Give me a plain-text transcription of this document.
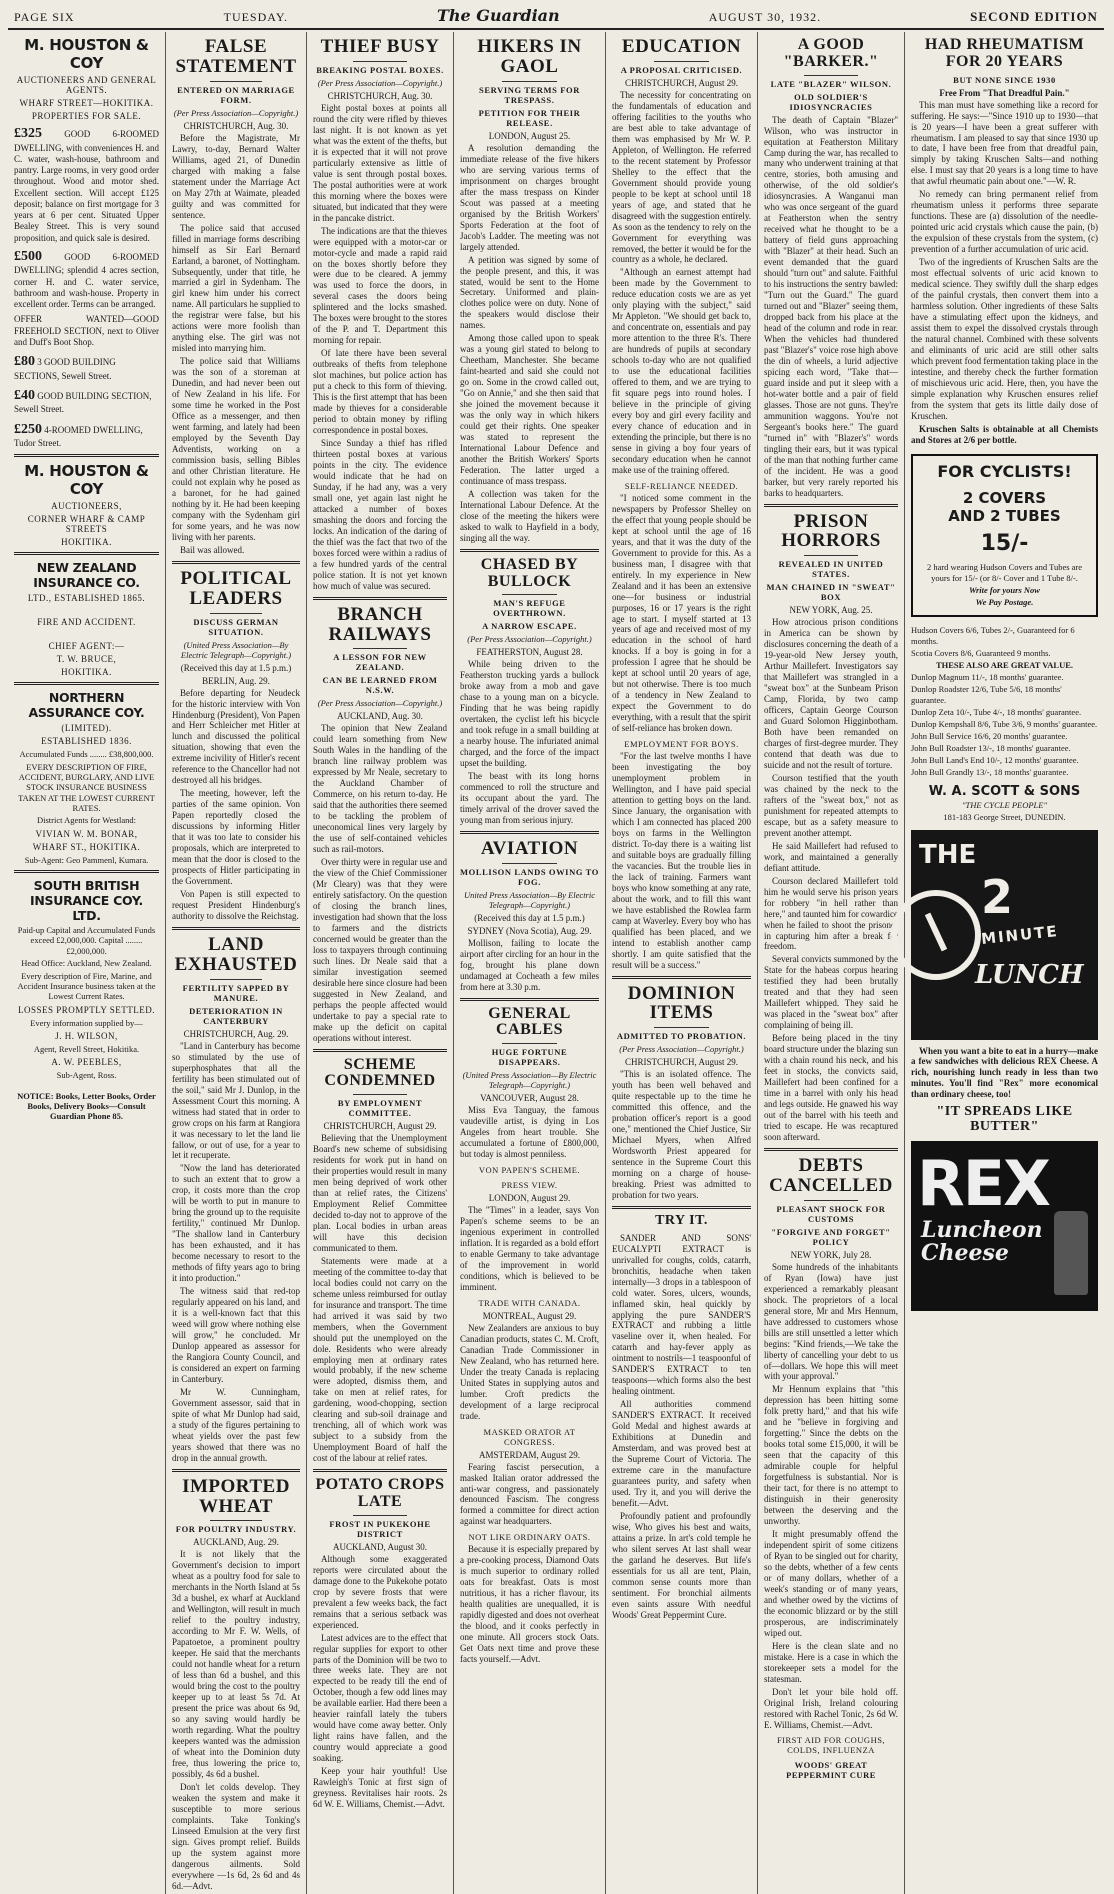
PAGE SIX	TUESDAY.	The Guardian	AUGUST 30, 1932.	SECOND EDITION
M. HOUSTON & COY
AUCTIONEERS AND GENERAL AGENTS.
WHARF STREET—HOKITIKA.
PROPERTIES FOR SALE.
£325 GOOD 6-ROOMED DWELLING, with conveniences H. and C. water, wash-house, bathroom and pantry. Large rooms, in very good order throughout. Wood and motor shed. Excellent section. Will accept £125 deposit; balance on first mortgage for 3 years at 6 per cent. Situated Upper Bealey Street. This is very sound proposition, and quick sale is desired.
£500 GOOD 6-ROOMED DWELLING; splendid 4 acres section, corner H. and C. water service, bathroom and wash-house. Property in excellent order. Terms can be arranged.
OFFER WANTED—GOOD FREEHOLD SECTION, next to Oliver and Duff's Boot Shop.
£80 3 GOOD BUILDING SECTIONS, Sewell Street.
£40 GOOD BUILDING SECTION, Sewell Street.
£250 4-ROOMED DWELLING, Tudor Street.
M. HOUSTON & COY
AUCTIONEERS,
CORNER WHARF & CAMP STREETS
HOKITIKA.
NEW ZEALAND INSURANCE CO.
LTD., ESTABLISHED 1865.
FIRE AND ACCIDENT.
CHIEF AGENT:—
T. W. BRUCE,
HOKITIKA.
NORTHERN ASSURANCE COY.
(LIMITED).
ESTABLISHED 1836.
Accumulated Funds ........ £38,800,000.
EVERY DESCRIPTION OF FIRE, ACCIDENT, BURGLARY, AND LIVE STOCK INSURANCE BUSINESS TAKEN AT THE LOWEST CURRENT RATES.
District Agents for Westland:
VIVIAN W. M. BONAR,
WHARF ST., HOKITIKA.
Sub-Agent: Geo Pammenl, Kumara.
SOUTH BRITISH INSURANCE COY. LTD.
Paid-up Capital and Accumulated Funds exceed £2,000,000. Capital ........ £2,000,000.
Head Office: Auckland, New Zealand.
Every description of Fire, Marine, and Accident Insurance business taken at the Lowest Current Rates.
LOSSES PROMPTLY SETTLED.
Every information supplied by—
J. H. WILSON,
Agent, Revell Street, Hokitika.
A. W. PEEBLES,
Sub-Agent, Ross.
NOTICE: Books, Letter Books, Order Books, Delivery Books—Consult Guardian Phone 85.
FALSE STATEMENT
ENTERED ON MARRIAGE FORM.
(Per Press Association—Copyright.)
CHRISTCHURCH, Aug. 30.

Before the Magistrate, Mr Lawry, to-day, Bernard Walter Williams, aged 21, of Dunedin charged with making a false statement under the Marriage Act on May 27th at Waimate, pleaded guilty and was committed for sentence.

The police said that accused filled in marriage forms describing himself as Sir Earl Bernard Earland, a baronet, of Nottingham. Subsequently, under that title, he married a girl in Sydenham. The girl knew him under his correct name. All particulars he supplied to the registrar were false, but his actions were more foolish than anything else. The girl was not misled into marrying him.

The police said that Williams was the son of a storeman at Dunedin, and had never been out of New Zealand in his life. For some time he worked in the Post Office as a messenger, and then went farming, and lately had been employed by the Seventh Day Adventists, working on a commission basis, selling Bibles and other Christian literature. He could not explain why he posed as a baronet, for he had gained nothing by it. He had been keeping company with the Sydenham girl for some years, and he was now living with her parents.

Bail was allowed.

POLITICAL LEADERS
DISCUSS GERMAN SITUATION.
(United Press Association—By Electric Telegraph—Copyright.)
(Received this day at 1.5 p.m.)
BERLIN, Aug. 29.

Before departing for Neudeck for the historic interview with Von Hindenburg (President), Von Papen and Herr Schleicher met Hitler at lunch and discussed the political situation, showing that even the extreme incivility of Hitler's recent reference to the Chancellor had not destroyed all his bridges.

The meeting, however, left the parties of the same opinion. Von Papen reportedly closed the discussions by informing Hitler that it was too late to consider his proposals, which are interpreted to mean that the door is closed to the prospects of Hitler participating in the Government.

Von Papen is still expected to request President Hindenburg's authority to dissolve the Reichstag.

LAND EXHAUSTED
FERTILITY SAPPED BY MANURE.
DETERIORATION IN CANTERBURY
CHRISTCHURCH, Aug. 29.

"Land in Canterbury has become so stimulated by the use of superphosphates that all the fertility has been stimulated out of the soil," said Mr J. Dunlop, in the Assessment Court this morning. A witness had stated that in order to grow crops on his farm at Rangiora it was necessary to let the land lie fallow, or out of use, for a year to let it recuperate.

"Now the land has deteriorated to such an extent that to grow a crop, it costs more than the crop will be worth to put in manure to bring the ground up to the requisite fertility," continued Mr Dunlop. "The shallow land in Canterbury has been exhausted, and it has become necessary to resort to the methods of fifty years ago to bring it into production."

The witness said that red-top regularly appeared on his land, and it is a well-known fact that this weed will grow where nothing else will grow," he concluded. Mr Dunlop appeared as assessor for the Rangiora County Council, and is considered an expert on farming in Canterbury.

Mr W. Cunningham, Government assessor, said that in spite of what Mr Dunlop had said, a study of the figures pertaining to wheat yields over the past few years showed that there was no drop in the annual growth.

IMPORTED WHEAT
FOR POULTRY INDUSTRY.
AUCKLAND, Aug. 29.

It is not likely that the Government's decision to import wheat as a poultry food for sale to merchants in the North Island at 5s 3d a bushel, ex wharf at Auckland and Wellington, will result in much relief to the poultry industry, according to Mr F. W. Wells, of Papatoetoe, a prominent poultry keeper. He said that the merchants could not handle wheat for a return of less than 6d a bushel, and this would bring the cost to the poultry keeper up to at least 5s 7d. At present the price was about 6s 9d, so any saving would hardly be worth regarding. What the poultry keepers wanted was the admission of wheat into the Dominion duty free, thus lowering the price to, possibly, 4s 6d a bushel.

Don't let colds develop. They weaken the system and make it susceptible to more serious complaints. Take Tonking's Linseed Emulsion at the very first sign. Gives prompt relief. Builds up the system against more dangerous ailments. Sold everywhere —1s 6d, 2s 6d and 4s 6d.—Advt.

THIEF BUSY
BREAKING POSTAL BOXES.
(Per Press Association—Copyright.)
CHRISTCHURCH, Aug. 30.

Eight postal boxes at points all round the city were rifled by thieves last night. It is not known as yet what was the extent of the thefts, but it is expected that it will not prove particularly extensive as little of value is sent through postal boxes. The postal authorities were at work this morning where the boxes were situated, but indicated that they were in the pancake district.

The indications are that the thieves were equipped with a motor-car or motor-cycle and made a rapid raid on the boxes shortly before they were due to be cleared. A jemmy was used to force the doors, in several cases the doors being splintered and the locks smashed. The boxes were brought to the stores of the P. and T. Department this morning for repair.

Of late there have been several outbreaks of thefts from telephone slot machines, but police action has put a check to this form of thieving. This is the first attempt that has been made by thieves for a considerable period to obtain money by rifling correspondence in postal boxes.

Since Sunday a thief has rifled thirteen postal boxes at various points in the city. The evidence would indicate that he had on Sunday, if he had any, was a very small one, yet again last night he attacked a number of boxes smashing the doors and forcing the locks. An indication of the daring of the thief was the fact that two of the boxes forced were within a radius of a few hundred yards of the central police station. It is not yet known how much of value was secured.

BRANCH RAILWAYS
A LESSON FOR NEW ZEALAND.
CAN BE LEARNED FROM N.S.W.
(Per Press Association—Copyright.)
AUCKLAND, Aug. 30.

The opinion that New Zealand could learn something from New South Wales in the handling of the branch line railway problem was expressed by Mr Neale, secretary to the Auckland Chamber of Commerce, on his return to-day. He said that the authorities there seemed to be tackling the problem of uneconomical lines very largely by the use of self-contained vehicles such as rail-motors.

Over thirty were in regular use and the view of the Chief Commissioner (Mr Cleary) was that they were entirely satisfactory. On the question of closing the branch lines, investigation had shown that the loss to farmers and the districts concerned would be greater than the loss to taxpayers through continuing such lines. Dr Neale said that a similar investigation seemed desirable here since closure had been suggested in New Zealand, and perhaps the people affected would undertake to pay a special rate to make up the deficit on capital operations without interest.

SCHEME CONDEMNED
BY EMPLOYMENT COMMITTEE.
CHRISTCHURCH, August 29.

Believing that the Unemployment Board's new scheme of subsidising residents for work put in hand on their properties would result in many men being deprived of work other than at relief rates, the Citizens' Employment Relief Committee decided to-day not to approve of the plan. Local bodies in urban areas will have this decision communicated to them.

Statements were made at a meeting of the committee to-day that local bodies could not carry on the scheme unless reimbursed for outlay for insurance and transport. The time had arrived it was said by two members, when the Government should put the unemployed on the dole. Residents who were already employing men at ordinary rates would probably, if the new scheme were adopted, dismiss them, and take on men at relief rates, for gardening, wood-chopping, section clearing and sub-soil drainage and trenching, all of which work was subject to a subsidy from the Unemployment Board of half the cost of the labour at relief rates.

POTATO CROPS LATE
FROST IN PUKEKOHE DISTRICT
AUCKLAND, August 30.

Although some exaggerated reports were circulated about the damage done to the Pukekohe potato crop by severe frosts that were prevalent a few weeks back, the fact remains that a serious setback was experienced.

Latest advices are to the effect that regular supplies for export to other parts of the Dominion will be two to three weeks late. They are not expected to be ready till the end of October, though a few odd lines may be available earlier. Had there been a heavier rainfall lately the tubers would have come away better. Only light rains have fallen, and the country would appreciate a good soaking.

Keep your hair youthful! Use Rawleigh's Tonic at first sign of greyness. Revitalises hair roots. 2s 6d W. E. Williams, Chemist.—Advt.

HIKERS IN GAOL
SERVING TERMS FOR TRESPASS.
PETITION FOR THEIR RELEASE.
LONDON, August 25.

A resolution demanding the immediate release of the five hikers who are serving various terms of imprisonment on charges brought after the mass trespass on Kinder Scout was passed at a meeting organised by the British Workers' Sports Federation at the foot of Jacob's Ladder. The meeting was not largely attended.

A petition was signed by some of the people present, and this, it was stated, would be sent to the Home Secretary. Uniformed and plain-clothes police were on duty. None of the speakers would disclose their names.

Among those called upon to speak was a young girl stated to belong to Cheetham, Manchester. She became faint-hearted and said she could not go on. Some in the crowd called out, "Go on Annie," and she then said that she joined the movement because it was the only way in which hikers could get their rights. One speaker was stated to represent the International Labour Defence and another the British Workers' Sports Federation. The latter urged a continuance of mass trespass.

A collection was taken for the International Labour Defence. At the close of the meeting the hikers were asked to walk to Hayfield in a body, singing all the way.

CHASED BY BULLOCK
MAN'S REFUGE OVERTHROWN.
A NARROW ESCAPE.
(Per Press Association—Copyright.)
FEATHERSTON, August 28.

While being driven to the Featherston trucking yards a bullock broke away from a mob and gave chase to a young man on a bicycle. Finding that he was being rapidly overtaken, the cyclist left his bicycle and took refuge in a small building at a nearby house. The infuriated animal charged, and the force of the impact upset the building.

The beast with its long horns commenced to roll the structure and its occupant about the yard. The timely arrival of the drover saved the young man from serious injury.

AVIATION
MOLLISON LANDS OWING TO FOG.
United Press Association—By Electric Telegraph—Copyright.)
(Received this day at 1.5 p.m.)
SYDNEY (Nova Scotia), Aug. 29.

Mollison, failing to locate the airport after circling for an hour in the fog, brought his plane down undamaged at Cocheath a few miles from here at 3.30 p.m.

GENERAL CABLES
HUGE FORTUNE DISAPPEARS.
(United Press Association—By Electric Telegraph—Copyright.)
VANCOUVER, August 28.

Miss Eva Tanguay, the famous vaudeville artist, is dying in Los Angeles from heart trouble. She accumulated a fortune of £800,000, but today is almost penniless.

VON PAPEN'S SCHEME.
PRESS VIEW.
LONDON, August 29.

The "Times" in a leader, says Von Papen's scheme seems to be an ingenious experiment in controlled inflation. It is regarded as a bold effort to enable Germany to take advantage of the improvement in world conditions, which is believed to be imminent.

TRADE WITH CANADA.
MONTREAL, August 29.

New Zealanders are anxious to buy Canadian products, states C. M. Croft, Canadian Trade Commissioner in New Zealand, who has returned here. Under the treaty Canada is replacing United States in supplying autos and lumber. Croft predicts the development of a large reciprocal trade.

MASKED ORATOR AT CONGRESS.
AMSTERDAM, August 29.

Fearing fascist persecution, a masked Italian orator addressed the anti-war congress, and passionately denounced Fascism. The congress formed a committee for direct action against war headquarters.

NOT LIKE ORDINARY OATS.

Because it is especially prepared by a pre-cooking process, Diamond Oats is much superior to ordinary rolled oats for breakfast. Oats is most nutritious, it has a richer flavour, its health qualities are unequalled, it is rapidly digested and does not overheat the blood, and it cooks perfectly in one minute. All grocers stock Oats. Get Oats next time and prove these facts yourself.—Advt.

EDUCATION
A PROPOSAL CRITICISED.
CHRISTCHURCH, August 29.

The necessity for concentrating on the fundamentals of education and offering facilities to the youths who are best able to take advantage of them was emphasised by Mr W. P. Appleton, of Wellington. He referred to the recent statement by Professor Shelley to the effect that the Government should provide young people to be kept at school until 18 years of age, and stated that he disagreed with the suggestion entirely. As soon as the tendency to rely on the Government for everything was removed, the better it would be for the country as a whole, he declared.

"Although an earnest attempt had been made by the Government to reduce education costs we are as yet only playing with the subject," said Mr Appleton. "We should get back to, and concentrate on, essentials and pay more attention to the three R's. There are hundreds of pupils at secondary schools to-day who are not qualified to use the educational facilities offered to them, and we are trying to fit square pegs into round holes. I believe in the principle of giving every boy and girl every facility and every chance of education and in extending the principle, but there is no sense in giving a boy four years of secondary education when he cannot make use of the training offered.

SELF-RELIANCE NEEDED.

"I noticed some comment in the newspapers by Professor Shelley on the effect that young people should be kept at school until the age of 16 years, and that it was the duty of the Government to provide for this. As a business man, I disagree with that entirely. In my experience in New Zealand and it has been an extensive one—for business or industrial purposes, 16 or 17 years is the right age to start. I myself started at 13 years of age and received most of my education in the school of hard knocks. If a boy is going in for a profession I agree that he should be kept at school until 20 years of age, but not otherwise. There is too much of a tendency in New Zealand to expect the Government to do everything, with a result that the spirit of self-reliance has broken down.

EMPLOYMENT FOR BOYS.

"For the last twelve months I have been investigating the boy unemployment problem in Wellington, and I have paid special attention to getting boys on the land. Since January, the organisation with which I am connected has placed 200 boys on farms in the Wellington district. To-day there is a waiting list and suitable boys are gradually filling the vacancies. But the trouble lies in the lack of training. Farmers want boys who know something at any rate, about the work, and to fill this want we have established the Rowlea farm camp at Waverley. Every boy who has qualified has been placed, and we intend to establish another camp shortly. I am quite satisfied that the result will be a success."

DOMINION ITEMS
ADMITTED TO PROBATION.
(Per Press Association—Copyright.)
CHRISTCHURCH, August 29.

"This is an isolated offence. The youth has been well behaved and quite respectable up to the time he committed this offence, and the probation officer's report is a good one," mentioned the Chief Justice, Sir Michael Myers, when Alfred Wordsworth Priest appeared for sentence in the Supreme Court this morning on a charge of house-breaking. Priest was admitted to probation for two years.

TRY IT.

SANDER AND SONS' EUCALYPTI EXTRACT is unrivalled for coughs, colds, catarrh, bronchitis, headache when taken internally—3 drops in a tablespoon of cold water. Sores, ulcers, wounds, inflamed skin, heal quickly by applying the pure SANDER'S EXTRACT and rubbing a little vaseline over it, when healed. For catarrh and hay-fever apply as ointment to nostrils—1 teaspoonful of SANDER'S EXTRACT to ten teaspoons—which forms also the best healing ointment.

All authorities commend SANDER'S EXTRACT. It received Gold Medal and highest awards at Exhibitions at Dunedin and Amsterdam, and was proved best at the Supreme Court of Victoria. The extreme care in the manufacture guarantees purity, and safety when used. Try it, and you will derive the benefit.—Advt.

Profoundly patient and profoundly wise, Who gives his best and waits, attains a prize. In art's cold temple he who silent serves At last shall wear the garland he deserves. But life's essentials for us all are tent, Plain, common sense counts more than sentiment. For bronchial ailments even saints assure With needful Woods' Great Peppermint Cure.

A GOOD "BARKER."
LATE "BLAZER" WILSON.
OLD SOLDIER'S IDIOSYNCRACIES

The death of Captain "Blazer" Wilson, who was instructor in equitation at Featherston Military Camp during the war, has recalled to many who underwent training at that centre, stories, both amusing and otherwise, of the old soldier's idiosyncrasies. A Wanganui man who was once sergeant of the guard at Featherston when the sentry received what he thought to be a battery of field guns approaching with "Blazer" at their head. Such an event demanded that the guard should "turn out" and salute. Faithful to his instructions the sentry bawled: "Turn out the Guard." The guard turned out and "Blazer" seeing them, dropped back from his place at the head of the column and rode in rear. When the vehicles had thundered past "Blazer's" voice rose high above the din of wheels, a lurid adjective spicing each word, "Take that—guard inside and put it sleep with a hot-water bottle and a pair of field glasses. Those are not guns. They're ammunition waggons. You're not Sergeant's books here." The guard "turned in" with "Blazer's" words tingling their ears, but it was typical of the man that nothing further came of the incident. He was a good barker, but very rarely reported his barks to headquarters.

PRISON HORRORS
REVEALED IN UNITED STATES.
MAN CHAINED IN "SWEAT" BOX
NEW YORK, Aug. 25.

How atrocious prison conditions in America can be shown by disclosures concerning the death of a 19-year-old New Jersey youth, Arthur Maillefert. Investigators say that Maillefert was strangled in a "sweat box" at the Sunbeam Prison Camp, Florida, by two camp officers, Captain George Courson and Guard Solomon Higginbotham. Both have been remanded on charges of first-degree murder. They contend that death was due to suicide and not the result of torture.

Courson testified that the youth was chained by the neck to the rafters of the "sweat box," not as punishment for repeated attempts to escape, but as a safety measure to prevent another attempt.

He said Maillefert had refused to work, and maintained a generally defiant attitude.

Courson declared Maillefert told him he would serve his prison years for robbery "in hell rather than here," and taunted him for cowardice when he failed to shoot the prisoner in capturing him after a break for freedom.

Several convicts summoned by the State for the habeas corpus hearing testified they had been brutally treated and that they had seen Maillefert whipped. They said he was placed in the "sweat box" after complaining of being ill.

Before being placed in the tiny board structure under the blazing sun with a chain round his neck, and his feet in stocks, the convicts said, Maillefert had been confined for a time in a barrel with only his head and legs outside. He gnawed his way out of the barrel with his teeth and tried to escape. He was recaptured soon afterward.

DEBTS CANCELLED
PLEASANT SHOCK FOR CUSTOMS
"FORGIVE AND FORGET" POLICY
NEW YORK, July 28.

Some hundreds of the inhabitants of Ryan (Iowa) have just experienced a remarkably pleasant shock. The proprietors of a local general store, Mr and Mrs Hennum, have addressed to customers whose bills are still unsettled a letter which begins: "Kind friends,—We take the liberty of cancelling your debt to us of—dollars. We hope this will meet with your approval."

Mr Hennum explains that "this depression has been hitting some folk pretty hard," and that his wife and he "believe in forgiving and forgetting." Since the debts on the books total some £15,000, it will be seen that the capacity of this admirable couple for helpful forgetfulness is substantial. Nor is their tact, for there is no attempt to distinguish in their generosity between the deserving and the unworthy.

It might presumably offend the independent spirit of some citizens of Ryan to be singled out for charity, so the debts, whether of a few cents or of many dollars, whether of a week's standing or of many years, and whether owed by the victims of the economic blizzard or by the still prosperous, are indiscriminately wiped out.

Here is the clean slate and no mistake. Here is a case in which the storekeeper sets a model for the statesman.

Don't let your bile hold off. Original Irish, Ireland colouring restored with Rachel Tonic, 2s 6d W. E. Williams, Chemist.—Advt.

FIRST AID FOR COUGHS, COLDS, INFLUENZA
WOODS' GREAT PEPPERMINT CURE
HAD RHEUMATISM FOR 20 YEARS
BUT NONE SINCE 1930
Free From "That Dreadful Pain."

This man must have something like a record for suffering. He says:—"Since 1910 up to 1930—that is 20 years—I have been a great sufferer with rheumatism. I am pleased to say that since 1930 up to date, I have been free from that dreadful pain, simply by taking Kruschen Salts—and nothing else. I must say that 20 years is a long time to have that awful rheumatic pain about one."—W. R.

No remedy can bring permanent relief from rheumatism unless it performs three separate functions. These are (a) dissolution of the needle-pointed uric acid crystals which cause the pain, (b) the expulsion of these crystals from the system, (c) prevention of a further accumulation of uric acid.

Two of the ingredients of Kruschen Salts are the most effectual solvents of uric acid known to medical science. They swiftly dull the sharp edges of the painful crystals, then convert them into a harmless solution. Other ingredients of these Salts have a stimulating effect upon the kidneys, and assist them to expel the dissolved crystals through the natural channel. Combined with these solvents and eliminants of uric acid are still other salts which prevent food fermentation taking place in the intestine, and thereby check the further formation of mischievous uric acid. Here, then, you have the simple explanation why Kruschen ensures relief from the system that gets its little daily dose of Kruschen.

Kruschen Salts is obtainable at all Chemists and Stores at 2/6 per bottle.

FOR CYCLISTS!
2 COVERS
AND 2 TUBES
15/-
2 hard wearing Hudson Covers and Tubes are yours for 15/- (or 8/- Cover and 1 Tube 8/-.
Write for yours Now
We Pay Postage.
Hudson Covers 6/6, Tubes 2/-, Guaranteed for 6 months.
Scotia Covers 8/6, Guaranteed 9 months.
THESE ALSO ARE GREAT VALUE.
Dunlop Magnum 11/-, 18 months' guarantee.
Dunlop Roadster 12/6, Tube 5/6, 18 months' guarantee.
Dunlop Zeta 10/-, Tube 4/-, 18 months' guarantee.
Dunlop Kempshall 8/6, Tube 3/6, 9 months' guarantee.
John Bull Service 16/6, 20 months' guarantee.
John Bull Roadster 13/-, 18 months' guarantee.
John Bull Land's End 10/-, 12 months' guarantee.
John Bull Grandly 13/-, 18 months' guarantee.
W. A. SCOTT & SONS
"THE CYCLE PEOPLE"
181-183 George Street, DUNEDIN.
THE
2
MINUTE
LUNCH

When you want a bite to eat in a hurry—make a few sandwiches with delicious REX Cheese. A rich, nourishing lunch ready in less than two minutes. You'll find "Rex" more economical than ordinary cheese, too!

"IT SPREADS LIKE BUTTER"
REX
Luncheon
Cheese
